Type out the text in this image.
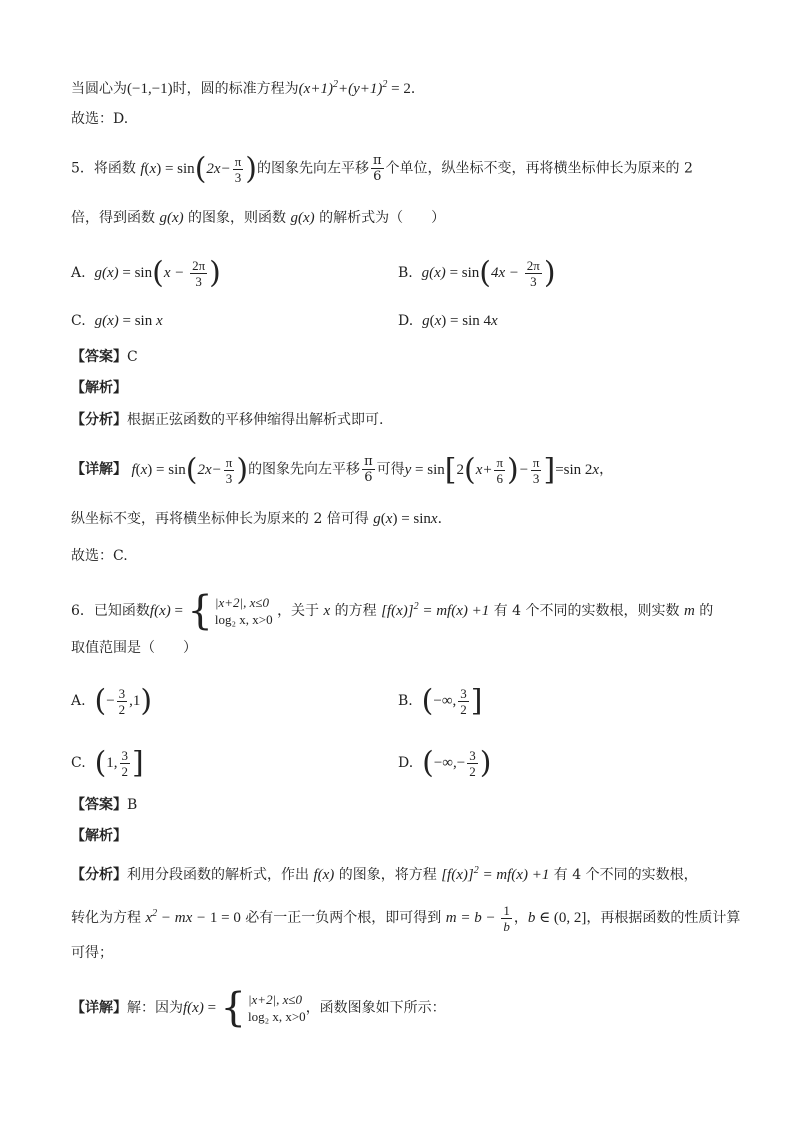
当圆心为(−1,−1)时，圆的标准方程为$(x+1)^2+(y+1)^2 = 2$．
故选：D.
5．将函数 $f(x) = \sin(2x- \frac{\pi}{3}$ )的图象先向左平移 $\frac{\pi}{6}$ 个单位，纵坐标不变，再将横坐标伸长为原来的 2
倍，得到函数 g(x) 的图象，则函数 g(x) 的解析式为（　　）
A. $g(x) = \sin(x - \frac{2\pi}{3}$ )	B. $g(x) = \sin(4x - \frac{2\pi}{3}$ )
C. g(x) = sin x	D. g(x) = sin 4x
【答案】C
【解析】
【分析】根据正弦函数的平移伸缩得出解析式即可.
【详解】 $f(x) = \sin(2x- \frac{\pi}{3}$ )的图象先向左平移 $\frac{\pi}{6}$ 可得$y = \sin[2(x+ \frac{\pi}{6}$ )− $\frac{\pi}{3} ]=\sin$ 2x，
纵坐标不变，再将横坐标伸长为原来的 2 倍可得 g(x) = sinx．
故选：C.
6．已知函数f(x) = { |x+2|, x≤0
log₂ x, x>0
，关于 x 的方程 $[f(x)]^2 = mf(x) +1$ 有 4 个不同的实数根，则实数 m 的
取值范围是（　　）
A. (− $\frac{3}{2} ,1$)	B. (−∞, $\frac{3}{2}$ ]
C. (1, $\frac{3}{2}$ ]	D. (−∞,− $\frac{3}{2}$ )
【答案】B
【解析】
【分析】利用分段函数的解析式，作出 f(x) 的图象，将方程 $[f(x)]^2 = mf(x) +1$ 有 4 个不同的实数根，
转化为方程 $x^2$ − mx − 1 = 0 必有一正一负两个根，即可得到 $m = b - \frac{1}{b}$ ，b ∈ (0, 2]，再根据函数的性质计算
可得；
【详解】解：因为f(x) = { |x+2|, x≤0
log₂ x, x>0
，函数图象如下所示：
